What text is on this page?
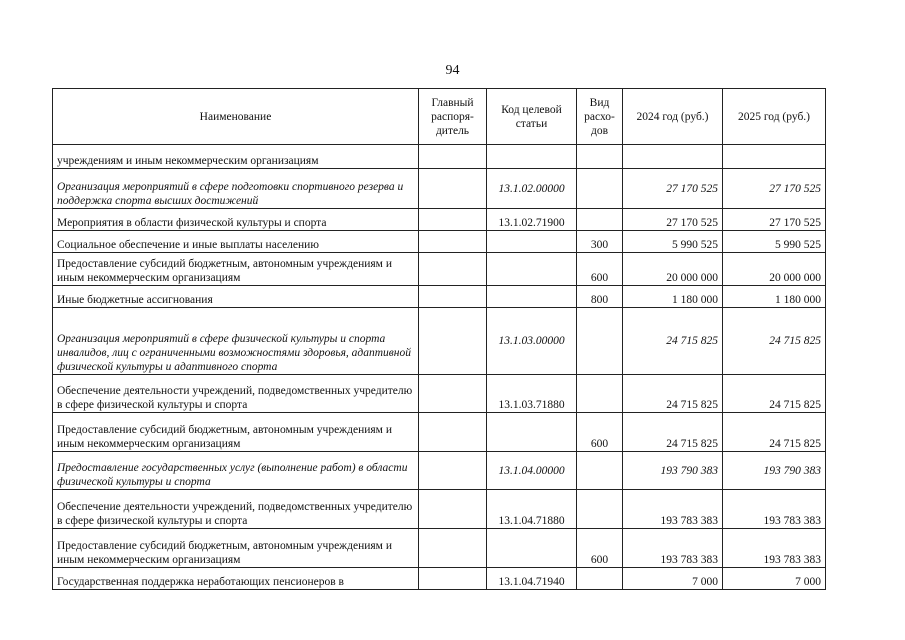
94
Наименование	Главный распоря-дитель	Код целевой статьи	Вид расхо-дов	2024 год (руб.)	2025 год (руб.)
учреждениям и иным некоммерческим организациям					
Организация мероприятий в сфере подготовки спортивного резерва и поддержка спорта высших достижений		13.1.02.00000		27 170 525	27 170 525
Мероприятия в области физической культуры и спорта		13.1.02.71900		27 170 525	27 170 525
Социальное обеспечение и иные выплаты населению			300	5 990 525	5 990 525
Предоставление субсидий бюджетным, автономным учреждениям и иным некоммерческим организациям			600	20 000 000	20 000 000
Иные бюджетные ассигнования			800	1 180 000	1 180 000
Организация мероприятий в сфере физической культуры и спорта инвалидов, лиц с ограниченными возможностями здоровья, адаптивной физической культуры и адаптивного спорта		13.1.03.00000		24 715 825	24 715 825
Обеспечение деятельности учреждений, подведомственных учредителю в сфере физической культуры и спорта		13.1.03.71880		24 715 825	24 715 825
Предоставление субсидий бюджетным, автономным учреждениям и иным некоммерческим организациям			600	24 715 825	24 715 825
Предоставление государственных услуг (выполнение работ) в области физической культуры и спорта		13.1.04.00000		193 790 383	193 790 383
Обеспечение деятельности учреждений, подведомственных учредителю в сфере физической культуры и спорта		13.1.04.71880		193 783 383	193 783 383
Предоставление субсидий бюджетным, автономным учреждениям и иным некоммерческим организациям			600	193 783 383	193 783 383
Государственная поддержка неработающих пенсионеров в		13.1.04.71940		7 000	7 000
